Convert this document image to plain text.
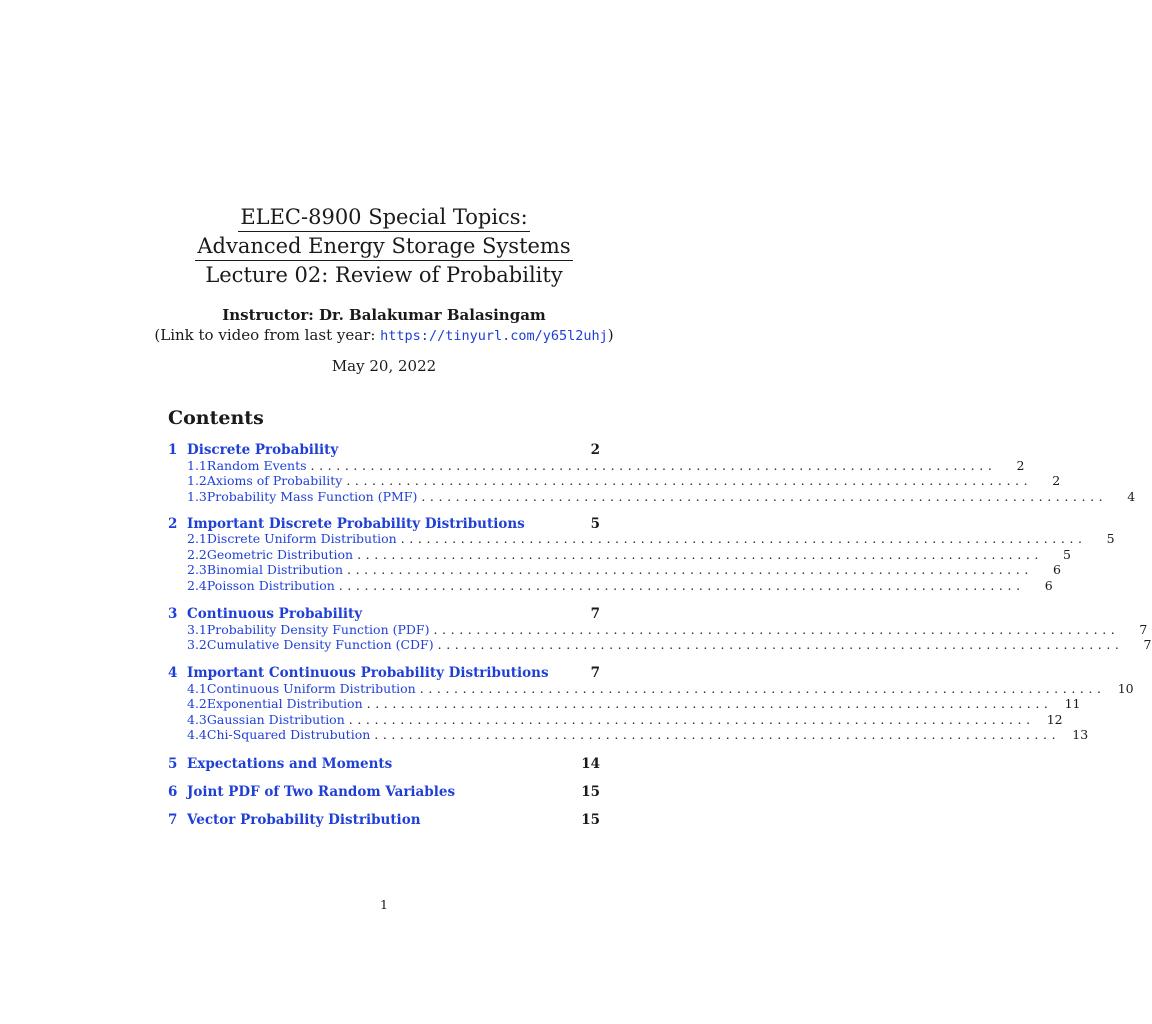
ELEC-8900 Special Topics:
Advanced Energy Storage Systems
Lecture 02: Review of Probability
Instructor: Dr. Balakumar Balasingam
(Link to video from last year: https://tinyurl.com/y65l2uhj)
May 20, 2022
Contents
1 Discrete Probability	2
1.1 Random Events ................................................................................	2
1.2 Axioms of Probability ................................................................................	2
1.3 Probability Mass Function (PMF) ................................................................................	4
2 Important Discrete Probability Distributions	5
2.1 Discrete Uniform Distribution ................................................................................	5
2.2 Geometric Distribution ................................................................................	5
2.3 Binomial Distribution ................................................................................	6
2.4 Poisson Distribution ................................................................................	6
3 Continuous Probability	7
3.1 Probability Density Function (PDF) ................................................................................	7
3.2 Cumulative Density Function (CDF) ................................................................................	7
4 Important Continuous Probability Distributions	7
4.1 Continuous Uniform Distribution ................................................................................ 10
4.2 Exponential Distribution ................................................................................ 11
4.3 Gaussian Distribution ................................................................................ 12
4.4 Chi-Squared Distrubution ................................................................................ 13
5 Expectations and Moments	14
6 Joint PDF of Two Random Variables	15
7 Vector Probability Distribution	15
1
